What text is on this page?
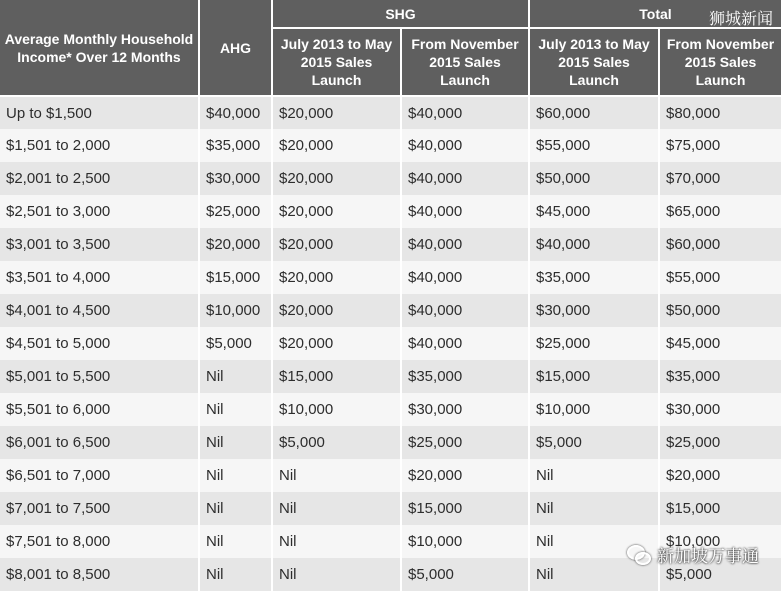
Average Monthly Household Income* Over 12 Months	AHG	SHG		Total	
		July 2013 to May 2015 Sales Launch	From November 2015 Sales Launch	July 2013 to May 2015 Sales Launch	From November 2015 Sales Launch
Up to $1,500	$40,000	$20,000	$40,000	$60,000	$80,000
$1,501 to 2,000	$35,000	$20,000	$40,000	$55,000	$75,000
$2,001 to 2,500	$30,000	$20,000	$40,000	$50,000	$70,000
$2,501 to 3,000	$25,000	$20,000	$40,000	$45,000	$65,000
$3,001 to 3,500	$20,000	$20,000	$40,000	$40,000	$60,000
$3,501 to 4,000	$15,000	$20,000	$40,000	$35,000	$55,000
$4,001 to 4,500	$10,000	$20,000	$40,000	$30,000	$50,000
$4,501 to 5,000	$5,000	$20,000	$40,000	$25,000	$45,000
$5,001 to 5,500	Nil	$15,000	$35,000	$15,000	$35,000
$5,501 to 6,000	Nil	$10,000	$30,000	$10,000	$30,000
$6,001 to 6,500	Nil	$5,000	$25,000	$5,000	$25,000
$6,501 to 7,000	Nil	Nil	$20,000	Nil	$20,000
$7,001 to 7,500	Nil	Nil	$15,000	Nil	$15,000
$7,501 to 8,000	Nil	Nil	$10,000	Nil	$10,000
$8,001 to 8,500	Nil	Nil	$5,000	Nil	$5,000
狮城新闻
新加坡万事通
